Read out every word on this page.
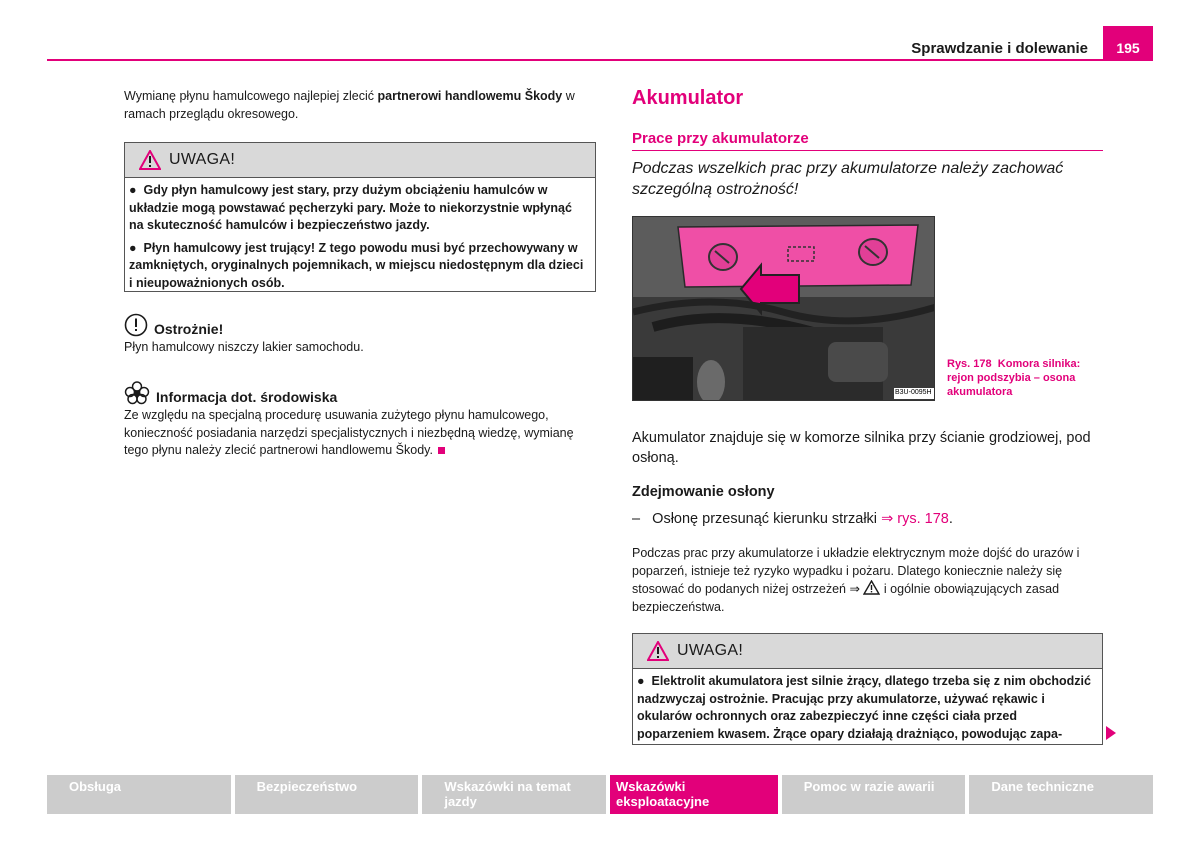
Sprawdzanie i dolewanie 195
Wymianę płynu hamulcowego najlepiej zlecić partnerowi handlowemu Škody w ramach przeglądu okresowego.
UWAGA!

●  Gdy płyn hamulcowy jest stary, przy dużym obciążeniu hamulców w układzie mogą powstawać pęcherzyki pary. Może to niekorzystnie wpłynąć na skuteczność hamulców i bezpieczeństwo jazdy.

●  Płyn hamulcowy jest trujący! Z tego powodu musi być przechowywany w zamkniętych, oryginalnych pojemnikach, w miejscu niedostępnym dla dzieci i nieupoważnionych osób.

Ostrożnie!
Płyn hamulcowy niszczy lakier samochodu.
Informacja dot. środowiska
Ze względu na specjalną procedurę usuwania zużytego płynu hamulcowego, konieczność posiadania narzędzi specjalistycznych i niezbędną wiedzę, wymianę tego płynu należy zlecić partnerowi handlowemu Škody.
Akumulator
Prace przy akumulatorze
Podczas wszelkich prac przy akumulatorze należy zachować szczególną ostrożność!
B3U-0095H
Rys. 178 Komora silnika: rejon podszybia – osona akumulatora
Akumulator znajduje się w komorze silnika przy ścianie grodziowej, pod osłoną.
Zdejmowanie osłony
– Osłonę przesunąć kierunku strzałki ⇒ rys. 178.
Podczas prac przy akumulatorze i układzie elektrycznym może dojść do urazów i poparzeń, istnieje też ryzyko wypadku i pożaru. Dlatego koniecznie należy się stosować do podanych niżej ostrzeżeń ⇒  i ogólnie obowiązujących zasad bezpieczeństwa.
UWAGA!

●  Elektrolit akumulatora jest silnie żrący, dlatego trzeba się z nim obchodzić nadzwyczaj ostrożnie. Pracując przy akumulatorze, używać rękawic i okularów ochronnych oraz zabezpieczyć inne części ciała przed poparzeniem kwasem. Żrące opary działają drażniąco, powodując zapa‑

Obsługa	Bezpieczeństwo	Wskazówki na temat jazdy
Wskazówki eksploatacyjne
Pomoc w razie awarii	Dane techniczne
